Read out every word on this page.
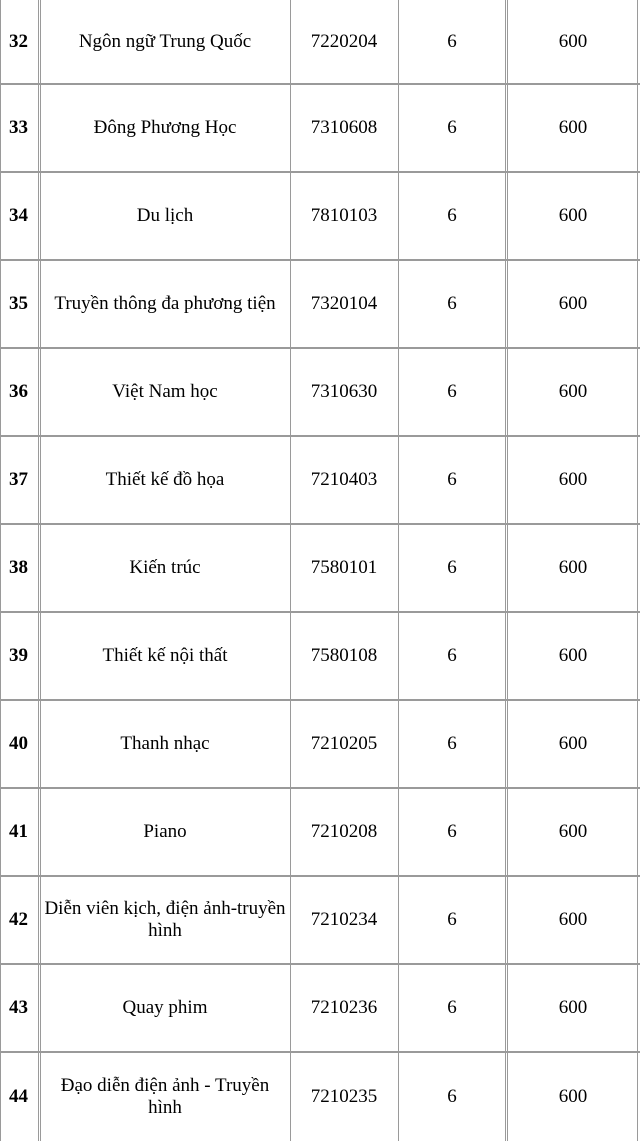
32	Ngôn ngữ Trung Quốc	7220204	6	600
33	Đông Phương Học	7310608	6	600
34	Du lịch	7810103	6	600
35	Truyền thông đa phương tiện	7320104	6	600
36	Việt Nam học	7310630	6	600
37	Thiết kế đồ họa	7210403	6	600
38	Kiến trúc	7580101	6	600
39	Thiết kế nội thất	7580108	6	600
40	Thanh nhạc	7210205	6	600
41	Piano	7210208	6	600
42	Diễn viên kịch, điện ảnh-truyền hình	7210234	6	600
43	Quay phim	7210236	6	600
44	Đạo diễn điện ảnh - Truyền hình	7210235	6	600
